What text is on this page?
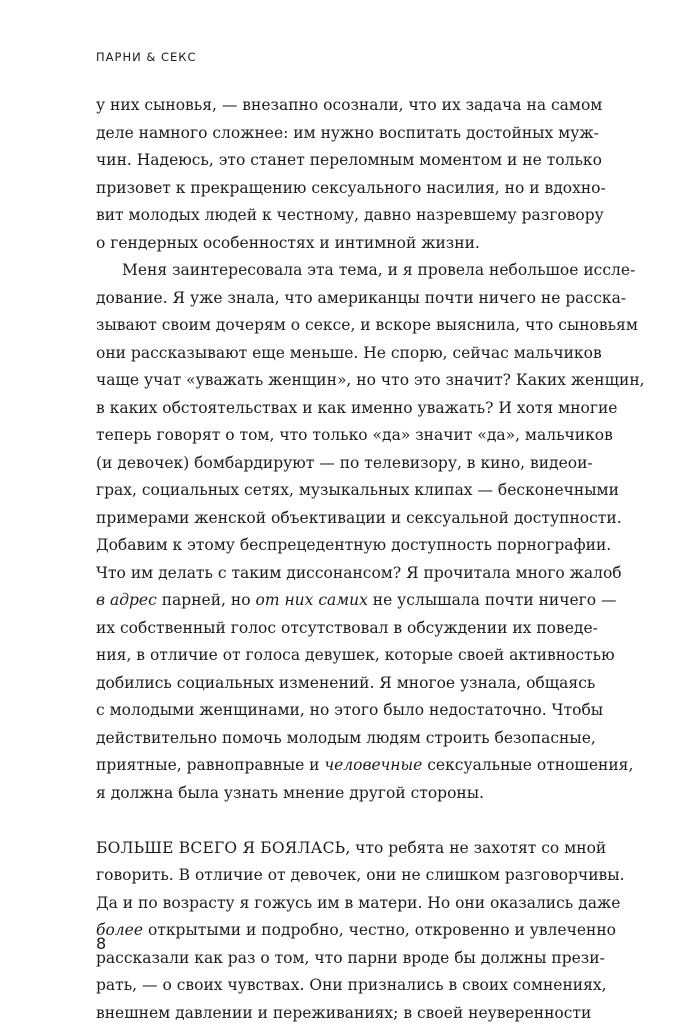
ПАРНИ & СЕКС
у них сыновья, — внезапно осознали, что их задача на самом
деле намного сложнее: им нужно воспитать достойных муж-
чин. Надеюсь, это станет переломным моментом и не только
призовет к прекращению сексуального насилия, но и вдохно-
вит молодых людей к честному, давно назревшему разговору
о гендерных особенностях и интимной жизни.
Меня заинтересовала эта тема, и я провела небольшое иссле-
дование. Я уже знала, что американцы почти ничего не расска-
зывают своим дочерям о сексе, и вскоре выяснила, что сыновьям
они рассказывают еще меньше. Не спорю, сейчас мальчиков
чаще учат «уважать женщин», но что это значит? Каких женщин,
в каких обстоятельствах и как именно уважать? И хотя многие
теперь говорят о том, что только «да» значит «да», мальчиков
(и девочек) бомбардируют — по телевизору, в кино, видеои-
грах, социальных сетях, музыкальных клипах — бесконечными
примерами женской объективации и сексуальной доступности.
Добавим к этому беспрецедентную доступность порнографии.
Что им делать с таким диссонансом? Я прочитала много жалоб
в адрес парней, но от них самих не услышала почти ничего —
их собственный голос отсутствовал в обсуждении их поведе-
ния, в отличие от голоса девушек, которые своей активностью
добились социальных изменений. Я многое узнала, общаясь
с молодыми женщинами, но этого было недостаточно. Чтобы
действительно помочь молодым людям строить безопасные,
приятные, равноправные и человечные сексуальные отношения,
я должна была узнать мнение другой стороны.
БОЛЬШЕ ВСЕГО Я БОЯЛАСЬ, что ребята не захотят со мной
говорить. В отличие от девочек, они не слишком разговорчивы.
Да и по возрасту я гожусь им в матери. Но они оказались даже
более открытыми и подробно, честно, откровенно и увлеченно
рассказали как раз о том, что парни вроде бы должны прези-
рать, — о своих чувствах. Они признались в своих сомнениях,
внешнем давлении и переживаниях; в своей неуверенности
8
